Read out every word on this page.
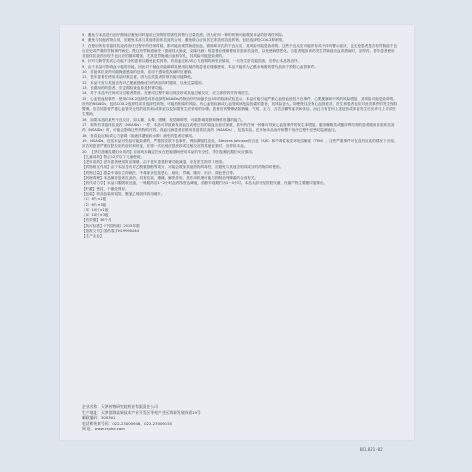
5．避免与本品进行治疗期间应避免同时接用已知的肝损害性药物与过量饮酒。因为任何一种的药物可能增加本品的肝毒性风险。

6．避免与其他药物合用，应避免本品与其他非甾体抗炎药合用，避免联合应用其它非甾体抗炎药物，包括选择性COX-2抑制剂。

7．在使用所有非甾体抗炎药治疗过程中的任何时候，都可能出现胃肠道出血、溃疡和穿孔的不良反应，其风险可能是致命的。这些不良反应可能伴有或不伴有警示症状，也无论患者是否有胃肠道不良反应史或严重的胃肠事件病史。既往有胃肠道病史（溃疡性大肠炎，克隆氏病）的患者应谨慎使用非甾体抗炎药，以免使病情恶化。当患者服用该药发生胃肠道出血或溃疡时，应停药。老年患者使用非甾体抗炎药出现不良反应的频率增加，尤其是胃肠道出血和穿孔，其风险可能是致命的。

8．针对与肠胃类或心功能不全的患者以避免此类药物，有高血压和/或心力衰竭的病史应慎用，一旦发生肝功能损害，应停止本品的治疗。

9．由于本品可影响血小板的功能，因此对于凝血功能障碍及使用抗凝药的患者应谨慎使用，本品不能作为乙酰水杨酸的替代品用于预防心血管事件。

10．非甾体抗炎药可能掩盖感染的征象，应用于感染性疾病时应谨慎。

11．老年患者在使用本品时需注意，因为这类患者肝肾功能可能降低。

12．本品不宜与其他含有对乙酰氨基酚成分的药品同时服用，以免过量服用。

13．长期用药的患者，应定期检查血象及肝肾功能。

14．对于本品中任何成分过敏者禁用。在使用过程中如出现皮疹或其他过敏反应，应立即停药并咨询医生。

15．心血管血栓事件：使用COX-2选择性或非选择性NSAIDs药物治疗时间最长达3年的临床试验显示，本品可能引起严重心血管血栓性不良事件、心肌梗塞和中风的风险增加，其风险可能是致命的。所有的NSAIDs，包括COX-2选择性或非选择性药物，可能有相似的风险。有心血管疾病或心血管疾病危险因素的患者，其风险更大。即使既往没有心血管症状，医生和患者也应对此类事件的发生保持警惕。应告知患者严重心血管安全性的症状和/或体征以及如果发生应采取的步骤。患者应该警惕诸如胸痛、气短、无力、言语含糊等症状和体征，而且当有任何上述症状或体征发生后应该马上寻求医生帮助。

16．如果本品的某些不良反应，如头痛、头晕、嗜睡、视觉障碍等，可能影响驾驶和操作机器的能力。

17．和所有非甾体抗炎药（NSAIDs）一样，本品可导致新发高血压或使已有的高血压症状加重，其中的任何一种都可导致心血管事件的发生率增加。服用噻嗪类或髓袢利尿剂的患者服用非甾体抗炎药（NSAIDs）时，可能会影响这些药物的疗效。高血压病患者应慎用非甾体抗炎药（NSAIDs），包括本品。在开始本品治疗和整个治疗过程中应密切监测血压。

18．有高血压和/或心力衰竭（如液体潴留和水肿）病史的患者应慎用。

19．NSAIDs，包括本品可引起可能致命的、严重的皮肤不良事件，例如剥脱性皮炎，Stevens Johnson综合征（SJS）和中毒性表皮坏死溶解症（TEN）。这些严重事件可在没有征兆的情况下出现。应告知患者严重皮肤反应的症状和体征，在第一次出现皮肤皮疹或过敏反应的其他征象时，应停用本品。

20．【孕妇及哺乳期妇女用药】目前尚未确定妇女在妊娠期间使用本品的安全性，孕妇及哺乳期妇女应慎用。

【儿童用药】禁止12岁以下儿童使用。

【老年用药】老年患者使用时应谨慎，由于老年患者肝肾功能减退，应在医生指导下使用。

【药物相互作用】由于本品含有对乙酰氨基酚等成分，可能会增加其他药物的毒性，应避免与其他含相同成分的药物同时使用。

【药物过量】超量中毒应立即就医，中毒症状包括恶心、呕吐、胃痛、腹泻、出汗、面色苍白等。

【药理毒理】本品属非甾体抗炎药，具有抗炎、镇痛、解热作用。其作用机理可能与抑制前列腺素的合成有关。

【药代动力学】本品口服吸收迅速，一般服药后1~2小时血药浓度达峰值，消除半衰期约为2~4小时。本品大部分经肝脏代谢，代谢产物主要随尿液排出。

【贮藏】密封，干燥处保存。

【包装】药品包装用铝箔，聚氯乙烯固体药用硬片。

（1）6片×1板

（2）6片×3板

（3）10片×1板

（4）10片×3板

【有效期】36个月

【执行标准】《中国药典》2015年版

【批准文号】国药准字H19990044

【生产企业】

企业名称：天津药物研究院药业有限责任公司

生产地址：天津滨海高新技术产业开发区华苑产业区海泰发展四道29号

邮政编码：300301

电话和传真号码：022-23000946，022-23009155

网 址：www.crpha.com

BCL021-02
